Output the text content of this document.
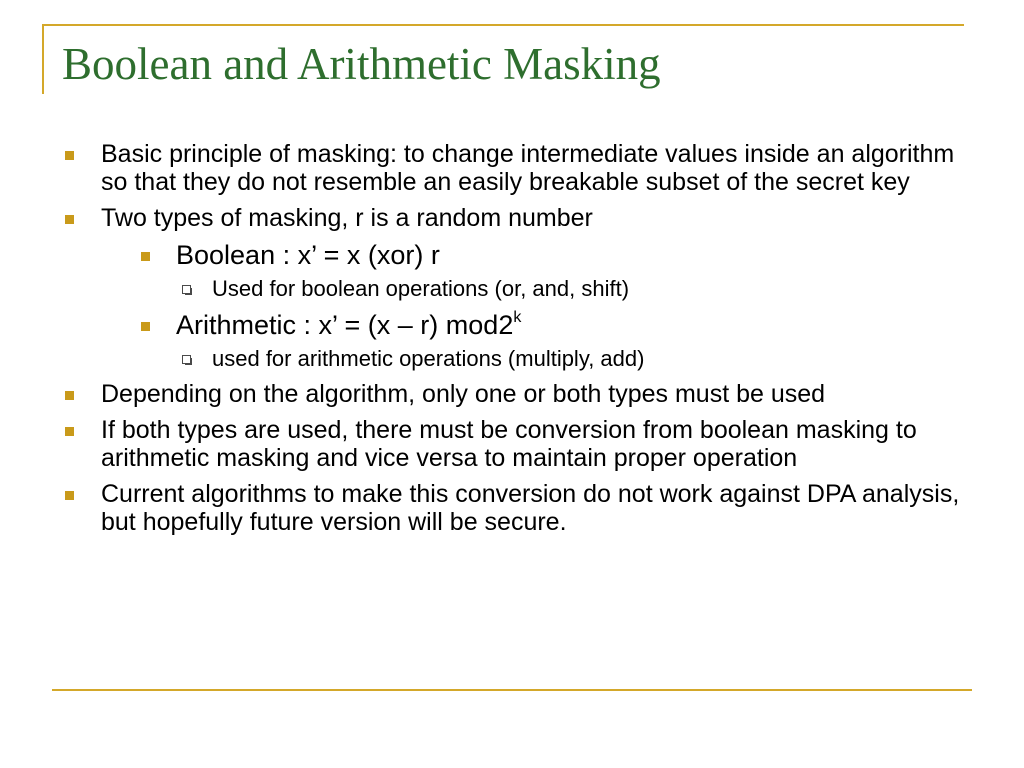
Boolean and Arithmetic Masking
Basic principle of masking: to change intermediate values inside an algorithm so that they do not resemble an easily breakable subset of the secret key
Two types of masking, r is a random number
Boolean : x’ = x (xor) r
Used for boolean operations (or, and, shift)
Arithmetic : x’ = (x – r) mod2$^k$
used for arithmetic operations (multiply, add)
Depending on the algorithm, only one or both types must be used
If both types are used, there must be conversion from boolean masking to arithmetic masking and vice versa to maintain proper operation
Current algorithms to make this conversion do not work against DPA analysis, but hopefully future version will be secure.
